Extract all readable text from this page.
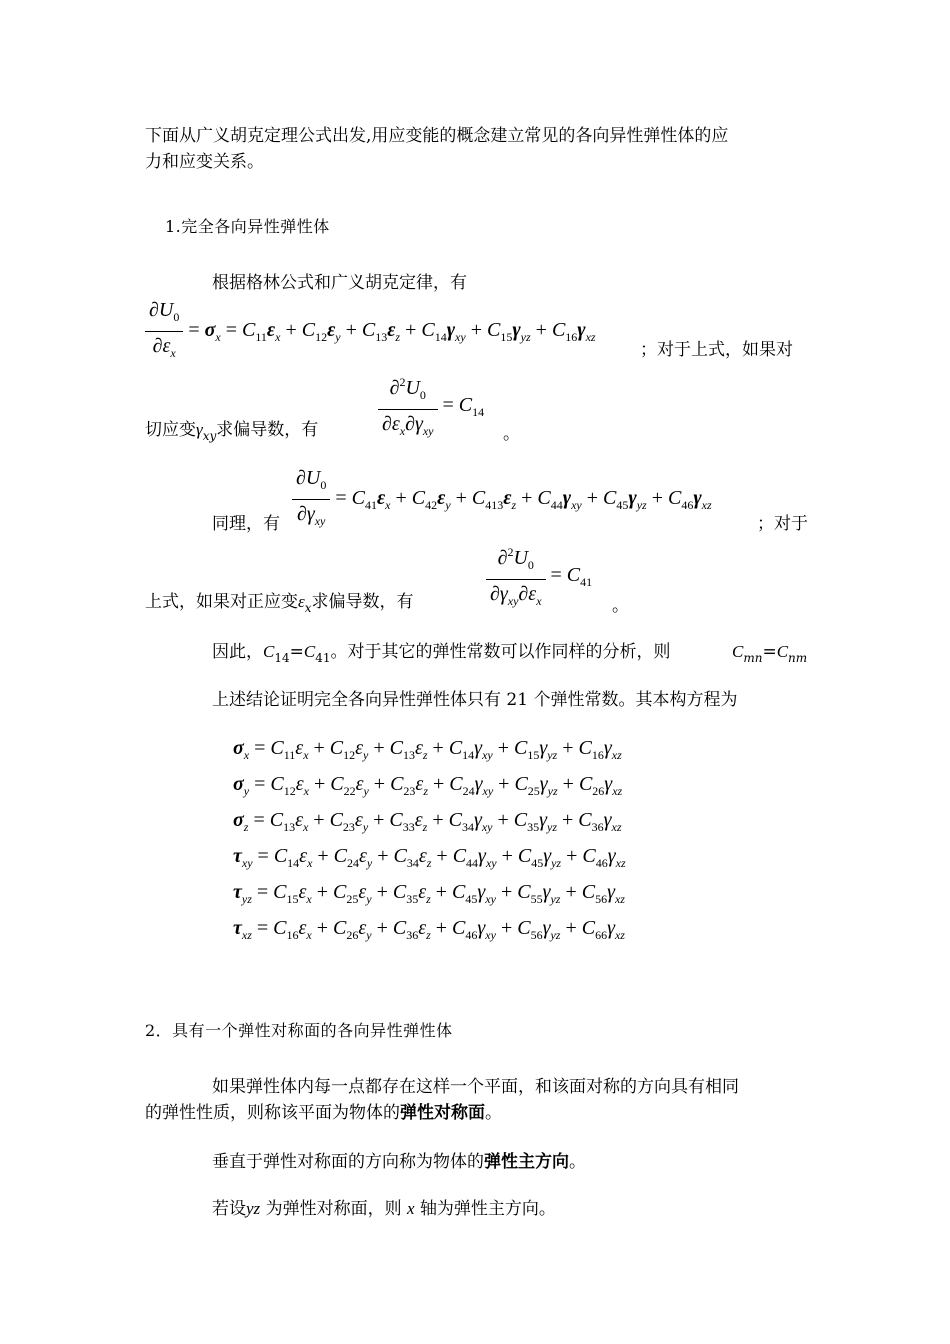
下面从广义胡克定理公式出发,用应变能的概念建立常见的各向异性弹性体的应
力和应变关系。
1.完全各向异性弹性体
根据格林公式和广义胡克定律，有
$\frac{\partial U_0}{\partial\varepsilon_x} = \sigma_x = C_{11}\varepsilon_x + C_{12}\varepsilon_y + C_{13}\varepsilon_z + C_{14}\gamma_{xy} + C_{15}\gamma_{yz} + C_{16}\gamma_{xz}$
；对于上式，如果对
切应变$\gamma_{xy}$求偏导数，有	$\frac{\partial^2U_0}{\partial\varepsilon_x\partial\gamma_{xy}} = C_{14}$
。
同理，有 $\frac{\partial U_0}{\partial\gamma_{xy}} = C_{41}\varepsilon_x + C_{42}\varepsilon_y + C_{413}\varepsilon_z + C_{44}\gamma_{xy} + C_{45}\gamma_{yz} + C_{46}\gamma_{xz}$
；对于
上式，如果对正应变$\varepsilon_x$求偏导数，有	$\frac{\partial^2U_0}{\partial\gamma_{xy}\partial\varepsilon_x} = C_{41}$
。
因此，$C_{14}=C_{41}$。对于其它的弹性常数可以作同样的分析，则	$C_{mn}=C_{nm}$
上述结论证明完全各向异性弹性体只有 21 个弹性常数。其本构方程为
$\sigma_x = C_{11}\varepsilon_x + C_{12}\varepsilon_y + C_{13}\varepsilon_z + C_{14}\gamma_{xy} + C_{15}\gamma_{yz} + C_{16}\gamma_{xz}$
$\sigma_y = C_{12}\varepsilon_x + C_{22}\varepsilon_y + C_{23}\varepsilon_z + C_{24}\gamma_{xy} + C_{25}\gamma_{yz} + C_{26}\gamma_{xz}$
$\sigma_z = C_{13}\varepsilon_x + C_{23}\varepsilon_y + C_{33}\varepsilon_z + C_{34}\gamma_{xy} + C_{35}\gamma_{yz} + C_{36}\gamma_{xz}$
$\tau_{xy} = C_{14}\varepsilon_x + C_{24}\varepsilon_y + C_{34}\varepsilon_z + C_{44}\gamma_{xy} + C_{45}\gamma_{yz} + C_{46}\gamma_{xz}$
$\tau_{yz} = C_{15}\varepsilon_x + C_{25}\varepsilon_y + C_{35}\varepsilon_z + C_{45}\gamma_{xy} + C_{55}\gamma_{yz} + C_{56}\gamma_{xz}$
$\tau_{xz} = C_{16}\varepsilon_x + C_{26}\varepsilon_y + C_{36}\varepsilon_z + C_{46}\gamma_{xy} + C_{56}\gamma_{yz} + C_{66}\gamma_{xz}$
2．具有一个弹性对称面的各向异性弹性体
如果弹性体内每一点都存在这样一个平面，和该面对称的方向具有相同
的弹性性质，则称该平面为物体的弹性对称面。
垂直于弹性对称面的方向称为物体的弹性主方向。
若设yz 为弹性对称面，则 x 轴为弹性主方向。
